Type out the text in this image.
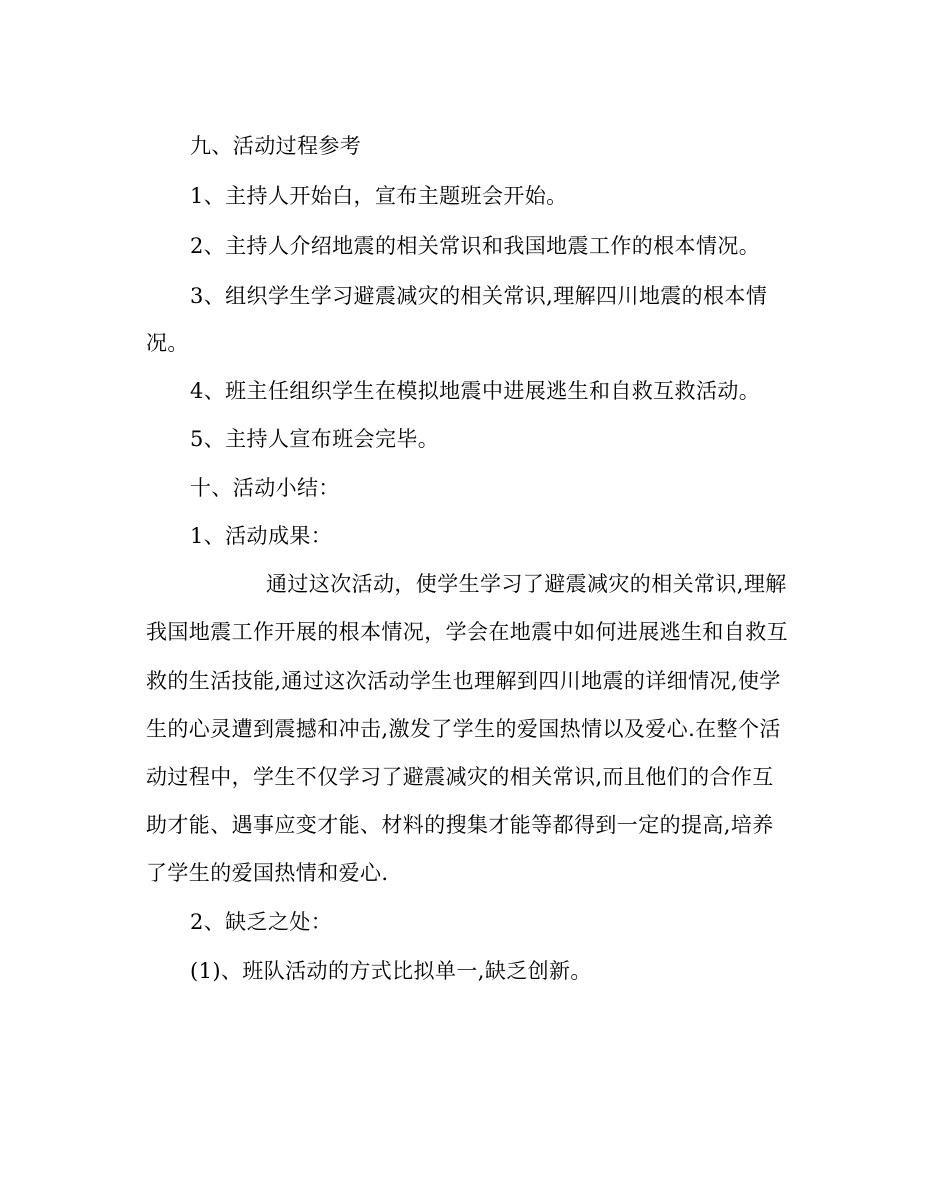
九、活动过程参考
1、主持人开始白，宣布主题班会开始。
2、主持人介绍地震的相关常识和我国地震工作的根本情况。
3、组织学生学习避震减灾的相关常识,理解四川地震的根本情
况。
4、班主任组织学生在模拟地震中进展逃生和自救互救活动。
5、主持人宣布班会完毕。
十、活动小结：
1、活动成果：
通过这次活动，使学生学习了避震减灾的相关常识,理解
我国地震工作开展的根本情况，学会在地震中如何进展逃生和自救互
救的生活技能,通过这次活动学生也理解到四川地震的详细情况,使学
生的心灵遭到震撼和冲击,激发了学生的爱国热情以及爱心.在整个活
动过程中，学生不仅学习了避震减灾的相关常识,而且他们的合作互
助才能、遇事应变才能、材料的搜集才能等都得到一定的提高,培养
了学生的爱国热情和爱心.
2、缺乏之处：
(1)、班队活动的方式比拟单一,缺乏创新。
